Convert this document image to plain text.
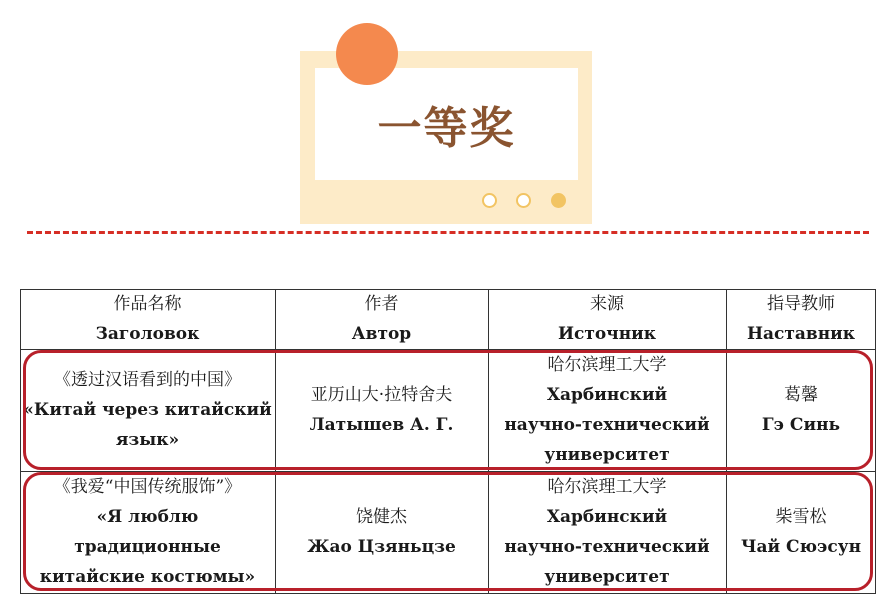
一等奖
作品名称
Заголовок
作者
Автор
来源
Источник
指导教师
Наставник
《透过汉语看到的中国》
«Китай через китайский
язык»
亚历山大·拉特舍夫
Латышев А. Г.
哈尔滨理工大学
Харбинский
научно-технический
университет
葛馨
Гэ Синь
《我爱“中国传统服饰”》
«Я люблю
традиционные
китайские костюмы»
饶健杰
Жао Цзяньцзе
哈尔滨理工大学
Харбинский
научно-технический
университет
柴雪松
Чай Сюэсун
